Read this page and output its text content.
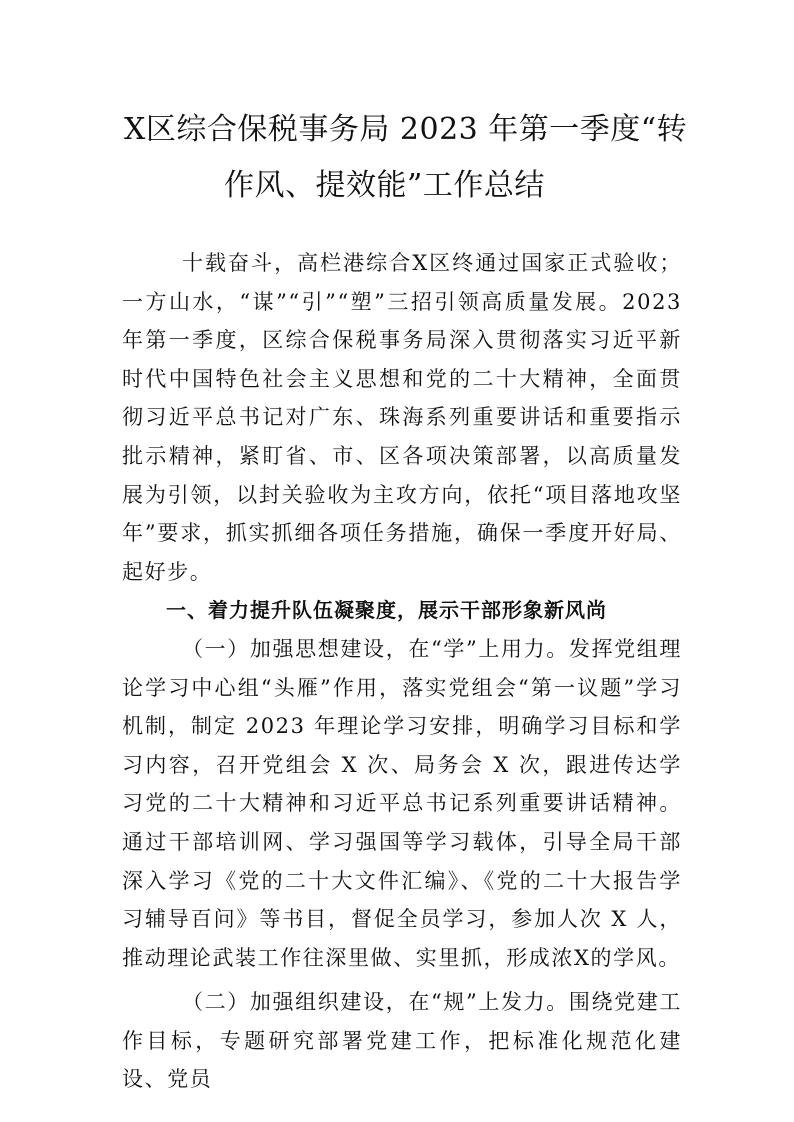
X区综合保税事务局 2023 年第一季度“转
作风、提效能”工作总结

十载奋斗，高栏港综合X区终通过国家正式验收； 一方山水，“谋”“引”“塑”三招引领高质量发展。2023 年第一季度，区综合保税事务局深入贯彻落实习近平新时代中国特色社会主义思想和党的二十大精神，全面贯彻习近平总书记对广东、珠海系列重要讲话和重要指示批示精神，紧盯省、市、区各项决策部署，以高质量发展为引领，以封关验收为主攻方向，依托“项目落地攻坚年”要求，抓实抓细各项任务措施，确保一季度开好局、起好步。

一、着力提升队伍凝聚度，展示干部形象新风尚

（一）加强思想建设，在“学”上用力。发挥党组理论学习中心组“头雁”作用，落实党组会“第一议题”学习机制，制定 2023 年理论学习安排，明确学习目标和学习内容，召开党组会 X 次、局务会 X 次，跟进传达学习党的二十大精神和习近平总书记系列重要讲话精神。通过干部培训网、学习强国等学习载体，引导全局干部深入学习《党的二十大文件汇编》、《党的二十大报告学习辅导百问》等书目，督促全员学习，参加人次 X 人，推动理论武装工作往深里做、实里抓，形成浓X的学风。

（二）加强组织建设，在“规”上发力。围绕党建工作目标，专题研究部署党建工作，把标准化规范化建设、党员
